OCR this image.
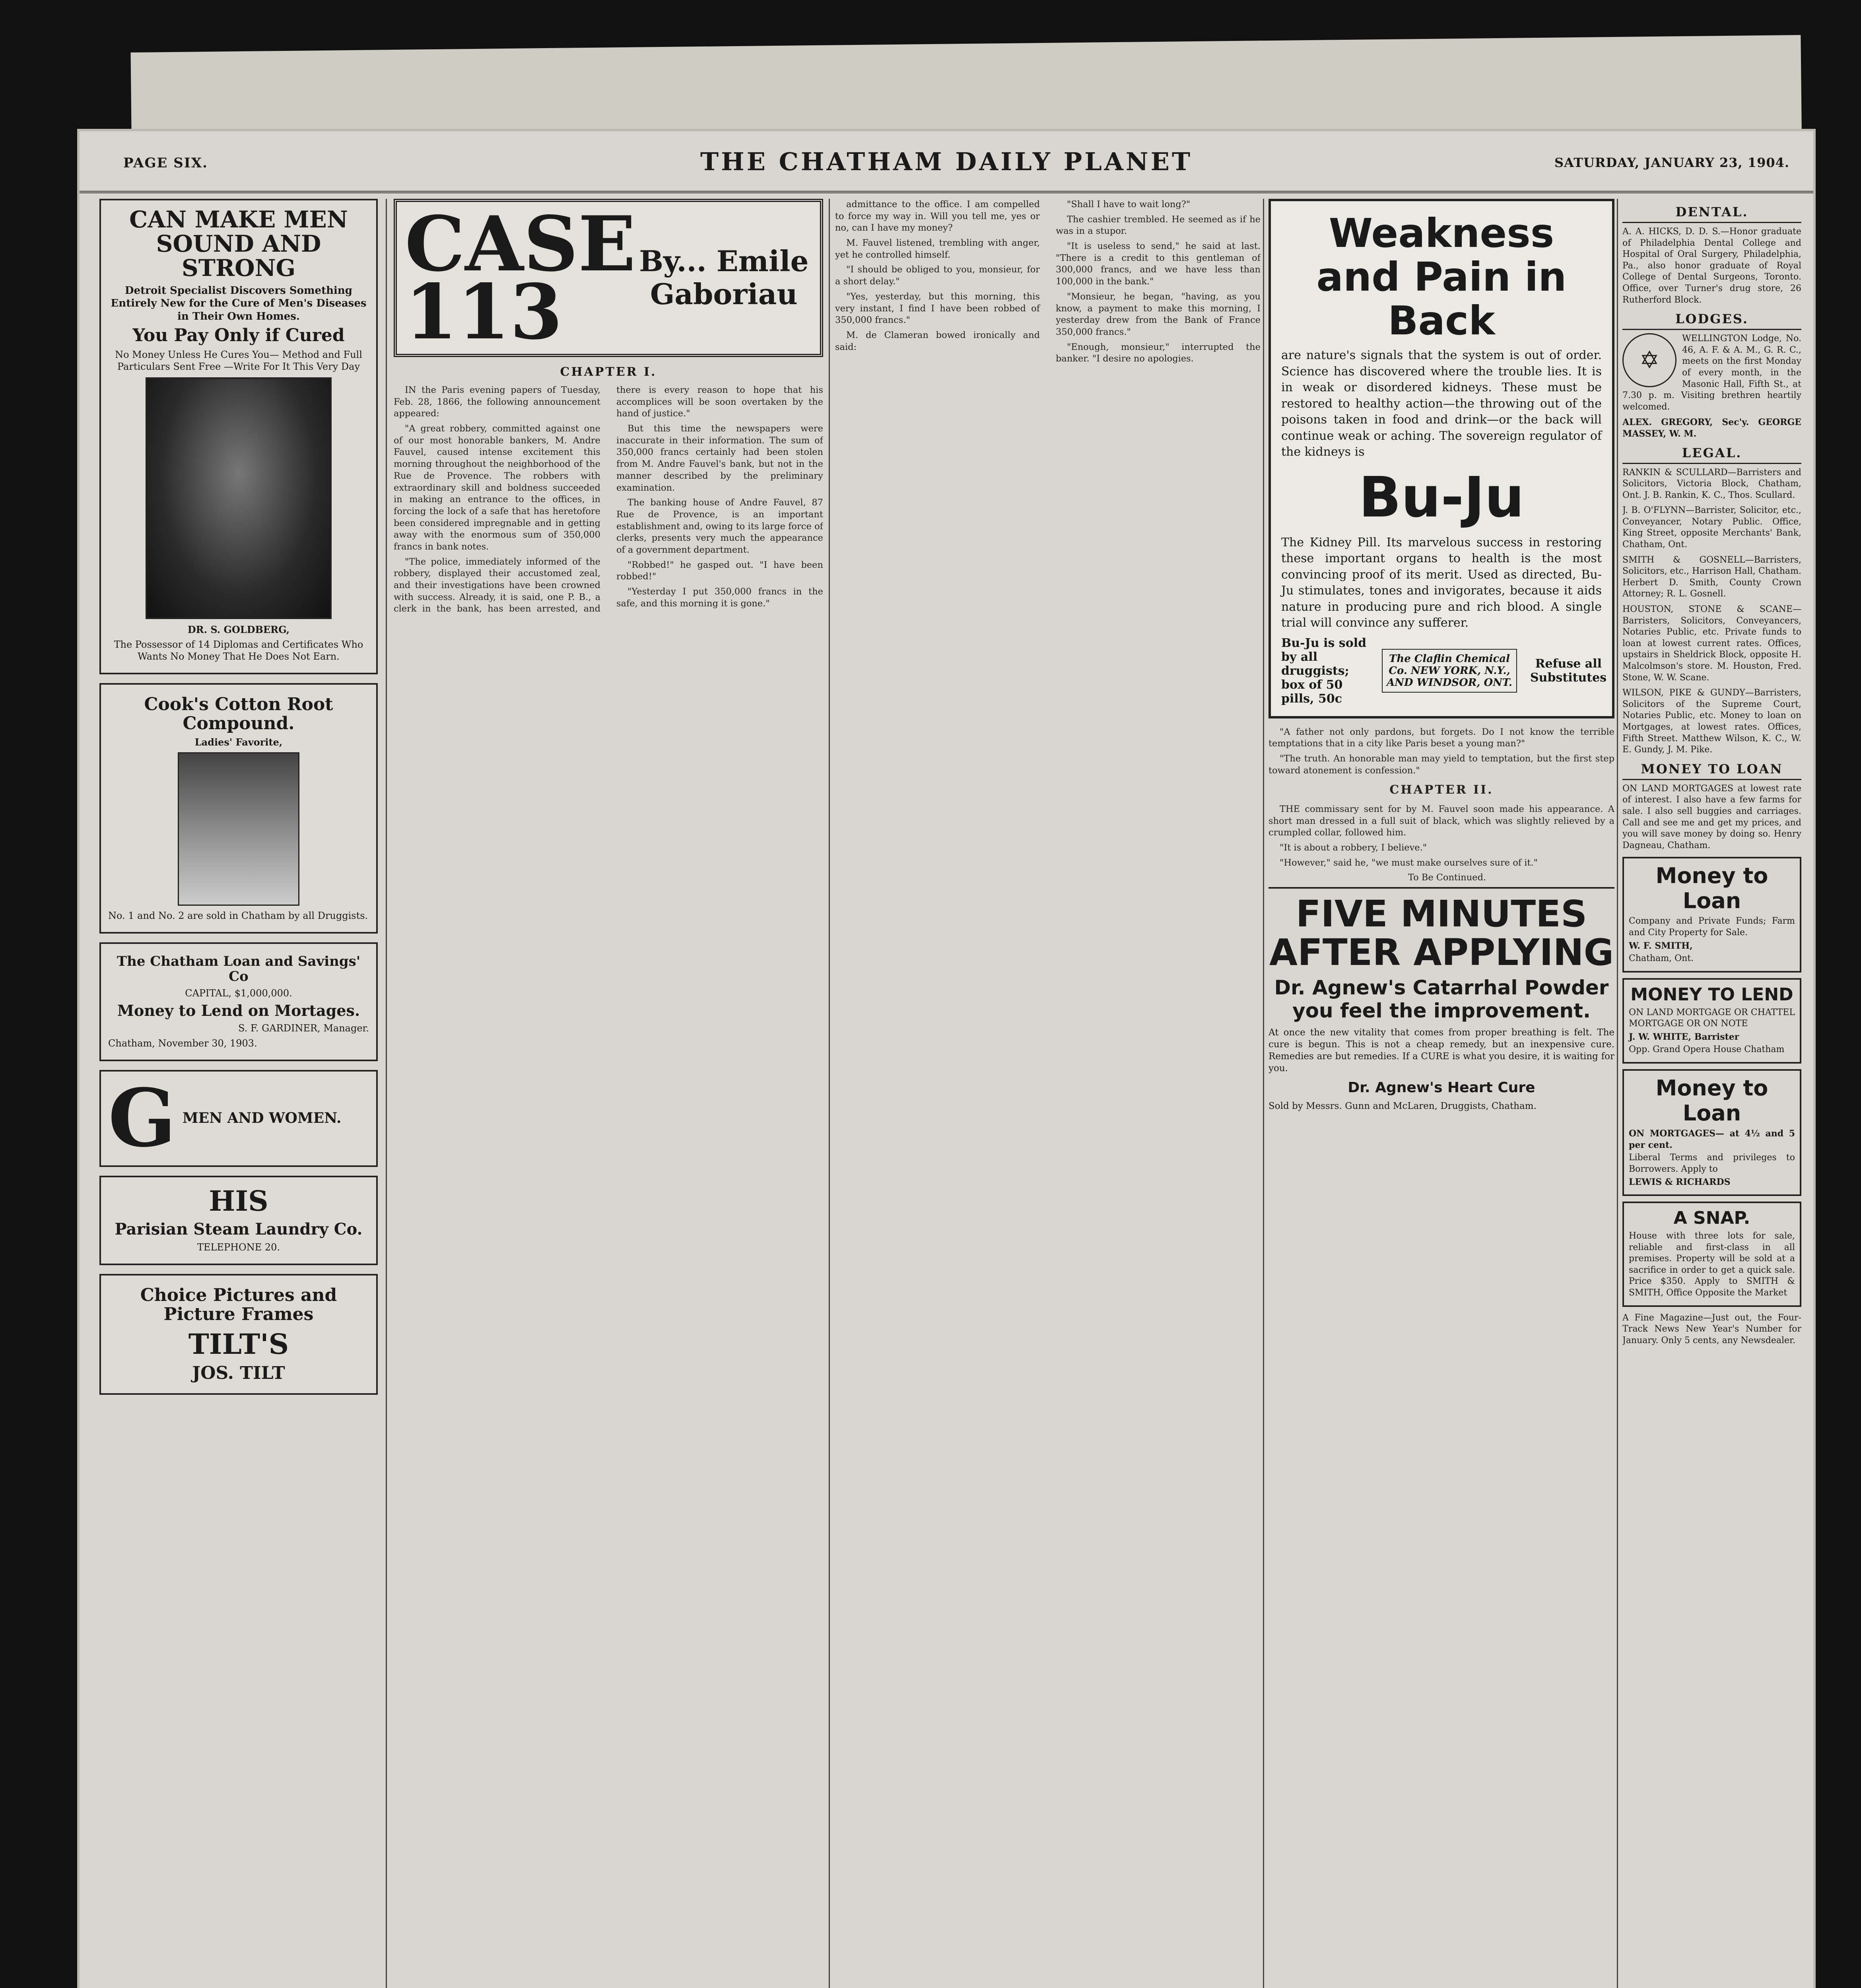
PAGE SIX.	THE CHATHAM DAILY PLANET	SATURDAY, JANUARY 23, 1904.
CAN MAKE MEN SOUND AND STRONG

Detroit Specialist Discovers Something Entirely New for the Cure of Men's Diseases in Their Own Homes.

You Pay Only if Cured

No Money Unless He Cures You— Method and Full Particulars Sent Free —Write For It This Very Day

DR. S. GOLDBERG,

The Possessor of 14 Diplomas and Certificates Who Wants No Money That He Does Not Earn.

Cook's Cotton Root Compound.

Ladies' Favorite,

No. 1 and No. 2 are sold in Chatham by all Druggists.

The Chatham Loan and Savings' Co

CAPITAL, $1,000,000.

Money to Lend on Mortages.

S. F. GARDINER, Manager.

Chatham, November 30, 1903.

G MEN AND WOMEN.
HIS
Parisian Steam Laundry Co.

TELEPHONE 20.

Choice Pictures and Picture Frames
TILT'S
JOS. TILT
CASE 113
By... Emile Gaboriau
CHAPTER I.

IN the Paris evening papers of Tuesday, Feb. 28, 1866, the following announcement appeared:

"A great robbery, committed against one of our most honorable bankers, M. Andre Fauvel, caused intense excitement this morning throughout the neighborhood of the Rue de Provence. The robbers with extraordinary skill and boldness succeeded in making an entrance to the offices, in forcing the lock of a safe that has heretofore been considered impregnable and in getting away with the enormous sum of 350,000 francs in bank notes.

"The police, immediately informed of the robbery, displayed their accustomed zeal, and their investigations have been crowned with success. Already, it is said, one P. B., a clerk in the bank, has been arrested, and there is every reason to hope that his accomplices will be soon overtaken by the hand of justice."

But this time the newspapers were inaccurate in their information. The sum of 350,000 francs certainly had been stolen from M. Andre Fauvel's bank, but not in the manner described by the preliminary examination.

The banking house of Andre Fauvel, 87 Rue de Provence, is an important establishment and, owing to its large force of clerks, presents very much the appearance of a government department.

"Robbed!" he gasped out. "I have been robbed!"

"Yesterday I put 350,000 francs in the safe, and this morning it is gone."

admittance to the office. I am compelled to force my way in. Will you tell me, yes or no, can I have my money?

M. Fauvel listened, trembling with anger, yet he controlled himself.

"I should be obliged to you, monsieur, for a short delay."

"Yes, yesterday, but this morning, this very instant, I find I have been robbed of 350,000 francs."

M. de Clameran bowed ironically and said:

"Shall I have to wait long?"

The cashier trembled. He seemed as if he was in a stupor.

"It is useless to send," he said at last. "There is a credit to this gentleman of 300,000 francs, and we have less than 100,000 in the bank."

"Monsieur, he began, "having, as you know, a payment to make this morning, I yesterday drew from the Bank of France 350,000 francs."

"Enough, monsieur," interrupted the banker. "I desire no apologies.

Weakness and Pain in Back

are nature's signals that the system is out of order. Science has discovered where the trouble lies. It is in weak or disordered kidneys. These must be restored to healthy action—the throwing out of the poisons taken in food and drink—or the back will continue weak or aching. The sovereign regulator of the kidneys is

Bu-Ju

The Kidney Pill. Its marvelous success in restoring these important organs to health is the most convincing proof of its merit. Used as directed, Bu-Ju stimulates, tones and invigorates, because it aids nature in producing pure and rich blood. A single trial will convince any sufferer.

Bu-Ju is sold by all druggists; box of 50 pills, 50c
The Claflin Chemical Co. NEW YORK, N.Y., AND WINDSOR, ONT.
Refuse all Substitutes

"A father not only pardons, but forgets. Do I not know the terrible temptations that in a city like Paris beset a young man?"

"The truth. An honorable man may yield to temptation, but the first step toward atonement is confession."

CHAPTER II.

THE commissary sent for by M. Fauvel soon made his appearance. A short man dressed in a full suit of black, which was slightly relieved by a crumpled collar, followed him.

"It is about a robbery, I believe."

"However," said he, "we must make ourselves sure of it."

To Be Continued.

FIVE MINUTES AFTER APPLYING
Dr. Agnew's Catarrhal Powder you feel the improvement.

At once the new vitality that comes from proper breathing is felt. The cure is begun. This is not a cheap remedy, but an inexpensive cure. Remedies are but remedies. If a CURE is what you desire, it is waiting for you.

Dr. Agnew's Heart Cure

Sold by Messrs. Gunn and McLaren, Druggists, Chatham.

DENTAL.

A. A. HICKS, D. D. S.—Honor graduate of Philadelphia Dental College and Hospital of Oral Surgery, Philadelphia, Pa., also honor graduate of Royal College of Dental Surgeons, Toronto. Office, over Turner's drug store, 26 Rutherford Block.

LODGES.
✡

WELLINGTON Lodge, No. 46, A. F. & A. M., G. R. C., meets on the first Monday of every month, in the Masonic Hall, Fifth St., at 7.30 p. m. Visiting brethren heartily welcomed.

ALEX. GREGORY, Sec'y. GEORGE MASSEY, W. M.

LEGAL.

RANKIN & SCULLARD—Barristers and Solicitors, Victoria Block, Chatham, Ont. J. B. Rankin, K. C., Thos. Scullard.

J. B. O'FLYNN—Barrister, Solicitor, etc., Conveyancer, Notary Public. Office, King Street, opposite Merchants' Bank, Chatham, Ont.

SMITH & GOSNELL—Barristers, Solicitors, etc., Harrison Hall, Chatham. Herbert D. Smith, County Crown Attorney; R. L. Gosnell.

HOUSTON, STONE & SCANE—Barristers, Solicitors, Conveyancers, Notaries Public, etc. Private funds to loan at lowest current rates. Offices, upstairs in Sheldrick Block, opposite H. Malcolmson's store. M. Houston, Fred. Stone, W. W. Scane.

WILSON, PIKE & GUNDY—Barristers, Solicitors of the Supreme Court, Notaries Public, etc. Money to loan on Mortgages, at lowest rates. Offices, Fifth Street. Matthew Wilson, K. C., W. E. Gundy, J. M. Pike.

MONEY TO LOAN

ON LAND MORTGAGES at lowest rate of interest. I also have a few farms for sale. I also sell buggies and carriages. Call and see me and get my prices, and you will save money by doing so. Henry Dagneau, Chatham.

Money to Loan

Company and Private Funds; Farm and City Property for Sale.

W. F. SMITH,

Chatham, Ont.

MONEY TO LEND

ON LAND MORTGAGE OR CHATTEL MORTGAGE OR ON NOTE

J. W. WHITE, Barrister

Opp. Grand Opera House Chatham

Money to Loan

ON MORTGAGES— at 4½ and 5 per cent.

Liberal Terms and privileges to Borrowers. Apply to

LEWIS & RICHARDS

A SNAP.

House with three lots for sale, reliable and first-class in all premises. Property will be sold at a sacrifice in order to get a quick sale. Price $350. Apply to SMITH & SMITH, Office Opposite the Market

A Fine Magazine—Just out, the Four-Track News New Year's Number for January. Only 5 cents, any Newsdealer.
